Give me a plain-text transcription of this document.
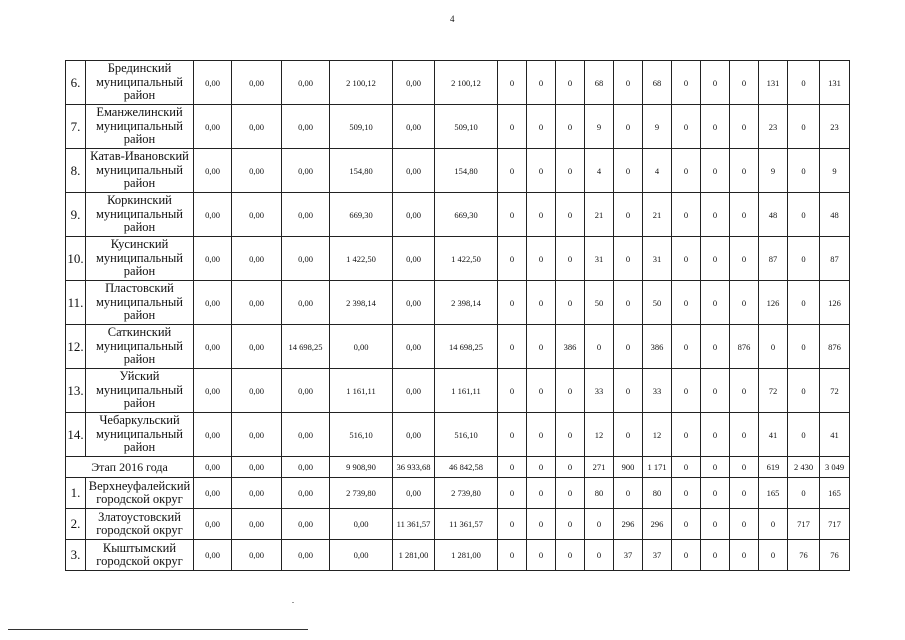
4
6.	Брединский
муниципальный
район	0,00	0,00	0,00	2 100,12	0,00	2 100,12	0	0	0	68	0	68	0	0	0	131	0	131
7.	Еманжелинский
муниципальный
район	0,00	0,00	0,00	509,10	0,00	509,10	0	0	0	9	0	9	0	0	0	23	0	23
8.	Катав-Ивановский
муниципальный
район	0,00	0,00	0,00	154,80	0,00	154,80	0	0	0	4	0	4	0	0	0	9	0	9
9.	Коркинский
муниципальный
район	0,00	0,00	0,00	669,30	0,00	669,30	0	0	0	21	0	21	0	0	0	48	0	48
10.	Кусинский
муниципальный
район	0,00	0,00	0,00	1 422,50	0,00	1 422,50	0	0	0	31	0	31	0	0	0	87	0	87
11.	Пластовский
муниципальный
район	0,00	0,00	0,00	2 398,14	0,00	2 398,14	0	0	0	50	0	50	0	0	0	126	0	126
12.	Саткинский
муниципальный
район	0,00	0,00	14 698,25	0,00	0,00	14 698,25	0	0	386	0	0	386	0	0	876	0	0	876
13.	Уйский
муниципальный
район	0,00	0,00	0,00	1 161,11	0,00	1 161,11	0	0	0	33	0	33	0	0	0	72	0	72
14.	Чебаркульский
муниципальный
район	0,00	0,00	0,00	516,10	0,00	516,10	0	0	0	12	0	12	0	0	0	41	0	41
Этап 2016 года		0,00	0,00	0,00	9 908,90	36 933,68	46 842,58	0	0	0	271	900	1 171	0	0	0	619	2 430	3 049
1.	Верхнеуфалейский
городской округ	0,00	0,00	0,00	2 739,80	0,00	2 739,80	0	0	0	80	0	80	0	0	0	165	0	165
2.	Златоустовский
городской округ	0,00	0,00	0,00	0,00	11 361,57	11 361,57	0	0	0	0	296	296	0	0	0	0	717	717
3.	Кыштымский
городской округ	0,00	0,00	0,00	0,00	1 281,00	1 281,00	0	0	0	0	37	37	0	0	0	0	76	76
